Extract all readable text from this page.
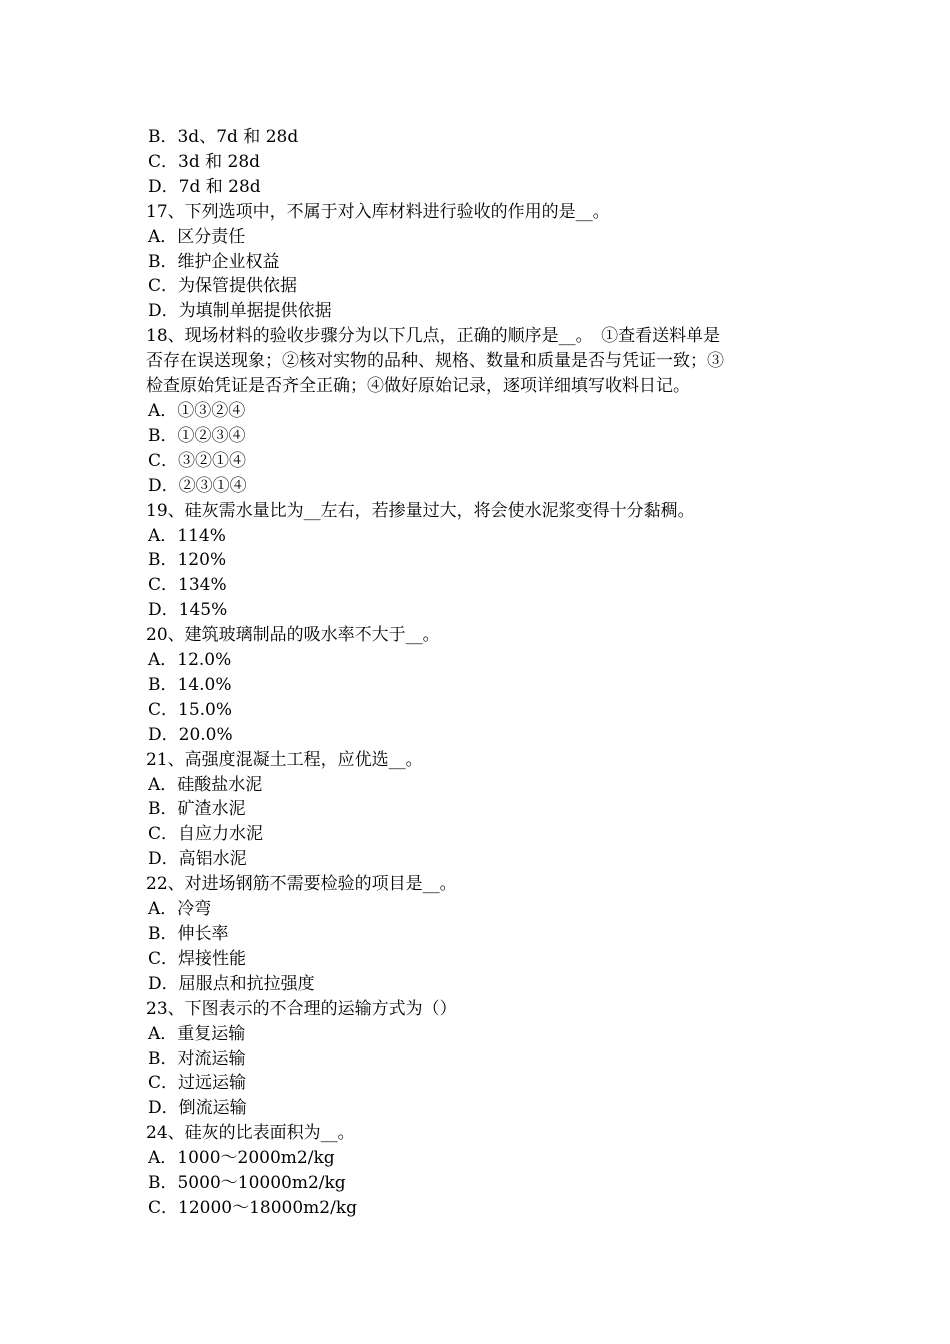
B．3d、7d 和 28d
C．3d 和 28d
D．7d 和 28d
17、下列选项中，不属于对入库材料进行验收的作用的是__。
A．区分责任
B．维护企业权益
C．为保管提供依据
D．为填制单据提供依据
18、现场材料的验收步骤分为以下几点，正确的顺序是__。　①查看送料单是
否存在误送现象；②核对实物的品种、规格、数量和质量是否与凭证一致；③
检查原始凭证是否齐全正确；④做好原始记录，逐项详细填写收料日记。
A．①③②④
B．①②③④
C．③②①④
D．②③①④
19、硅灰需水量比为__左右，若掺量过大，将会使水泥浆变得十分黏稠。
A．114%
B．120%
C．134%
D．145%
20、建筑玻璃制品的吸水率不大于__。
A．12.0%
B．14.0%
C．15.0%
D．20.0%
21、高强度混凝土工程，应优选__。
A．硅酸盐水泥
B．矿渣水泥
C．自应力水泥
D．高铝水泥
22、对进场钢筋不需要检验的项目是__。
A．冷弯
B．伸长率
C．焊接性能
D．屈服点和抗拉强度
23、下图表示的不合理的运输方式为（）
A．重复运输
B．对流运输
C．过远运输
D．倒流运输
24、硅灰的比表面积为__。
A．1000～2000m2/kg
B．5000～10000m2/kg
C．12000～18000m2/kg
